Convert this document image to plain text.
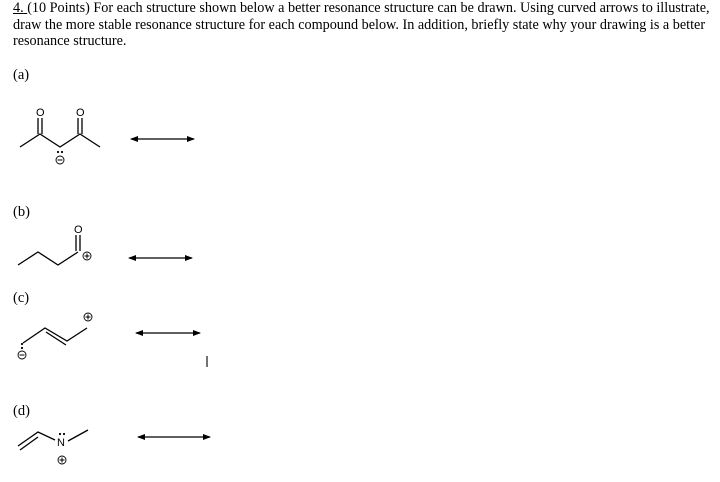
4. (10 Points) For each structure shown below a better resonance structure can be drawn. Using curved arrows to illustrate, draw the more stable resonance structure for each compound below. In addition, briefly state why your drawing is a better resonance structure.

(a)
(b)
(c)
(d)
O	O
O
N
